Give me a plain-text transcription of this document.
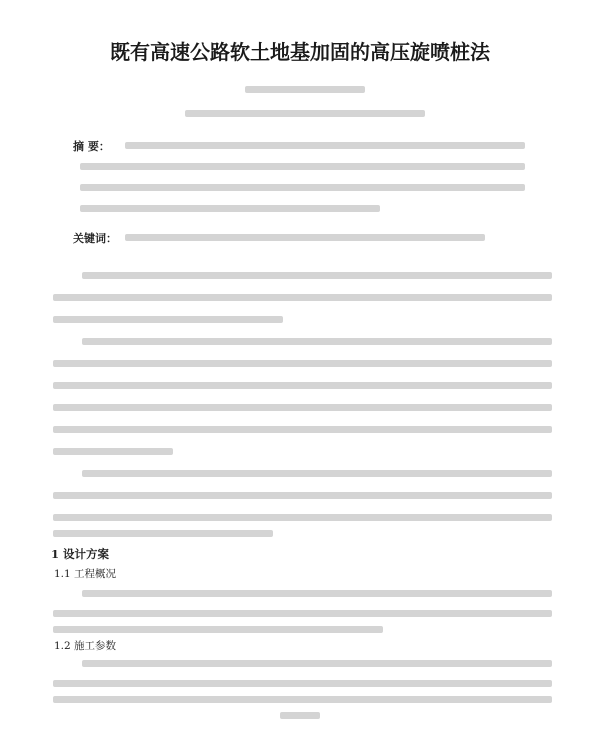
既有高速公路软土地基加固的高压旋喷桩法
摘 要：
关键词：
1 设计方案
1.1 工程概况
1.2 施工参数
